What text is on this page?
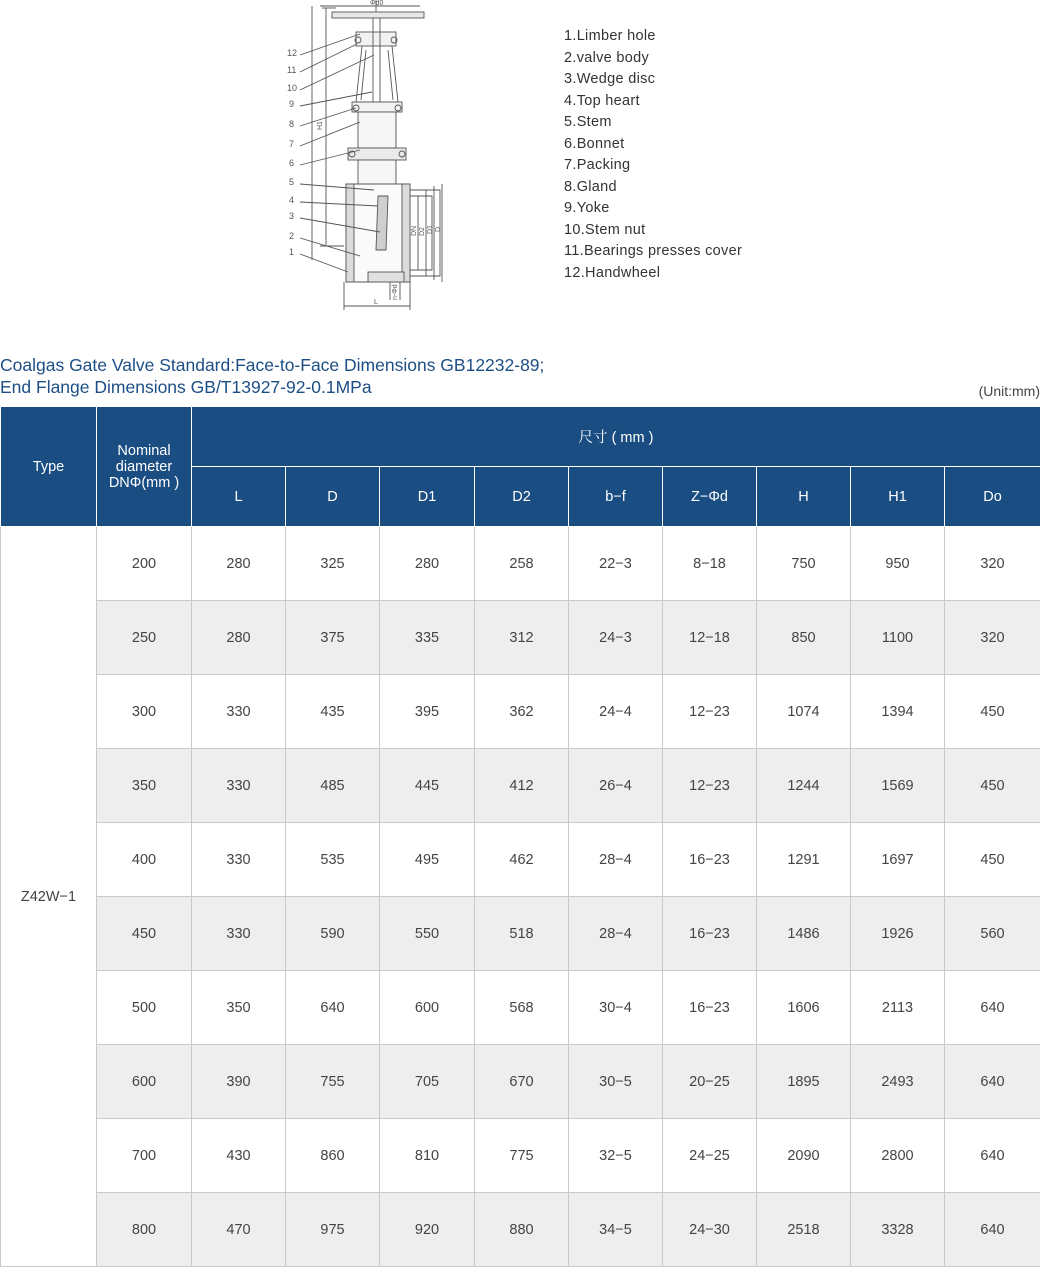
12
11
10
9
8
7
6
5
4
3
2
1
Φd0
H1
DN D2 D1 D
n-Φd
L
1.Limber hole
2.valve body
3.Wedge disc
4.Top heart
5.Stem
6.Bonnet
7.Packing
8.Gland
9.Yoke
10.Stem nut
11.Bearings presses cover
12.Handwheel
Coalgas Gate Valve Standard:Face-to-Face Dimensions GB12232-89;
End Flange Dimensions GB/T13927-92-0.1MPa	(Unit:mm)
Type	Nominal diameter DNΦ(mm )	尺寸 ( mm )								
		L	D	D1	D2	b−f	Z−Φd	H	H1	Do
Z42W−1	200	280	325	280	258	22−3	8−18	750	950	320
	250	280	375	335	312	24−3	12−18	850	1100	320
	300	330	435	395	362	24−4	12−23	1074	1394	450
	350	330	485	445	412	26−4	12−23	1244	1569	450
	400	330	535	495	462	28−4	16−23	1291	1697	450
	450	330	590	550	518	28−4	16−23	1486	1926	560
	500	350	640	600	568	30−4	16−23	1606	2113	640
	600	390	755	705	670	30−5	20−25	1895	2493	640
	700	430	860	810	775	32−5	24−25	2090	2800	640
	800	470	975	920	880	34−5	24−30	2518	3328	640
